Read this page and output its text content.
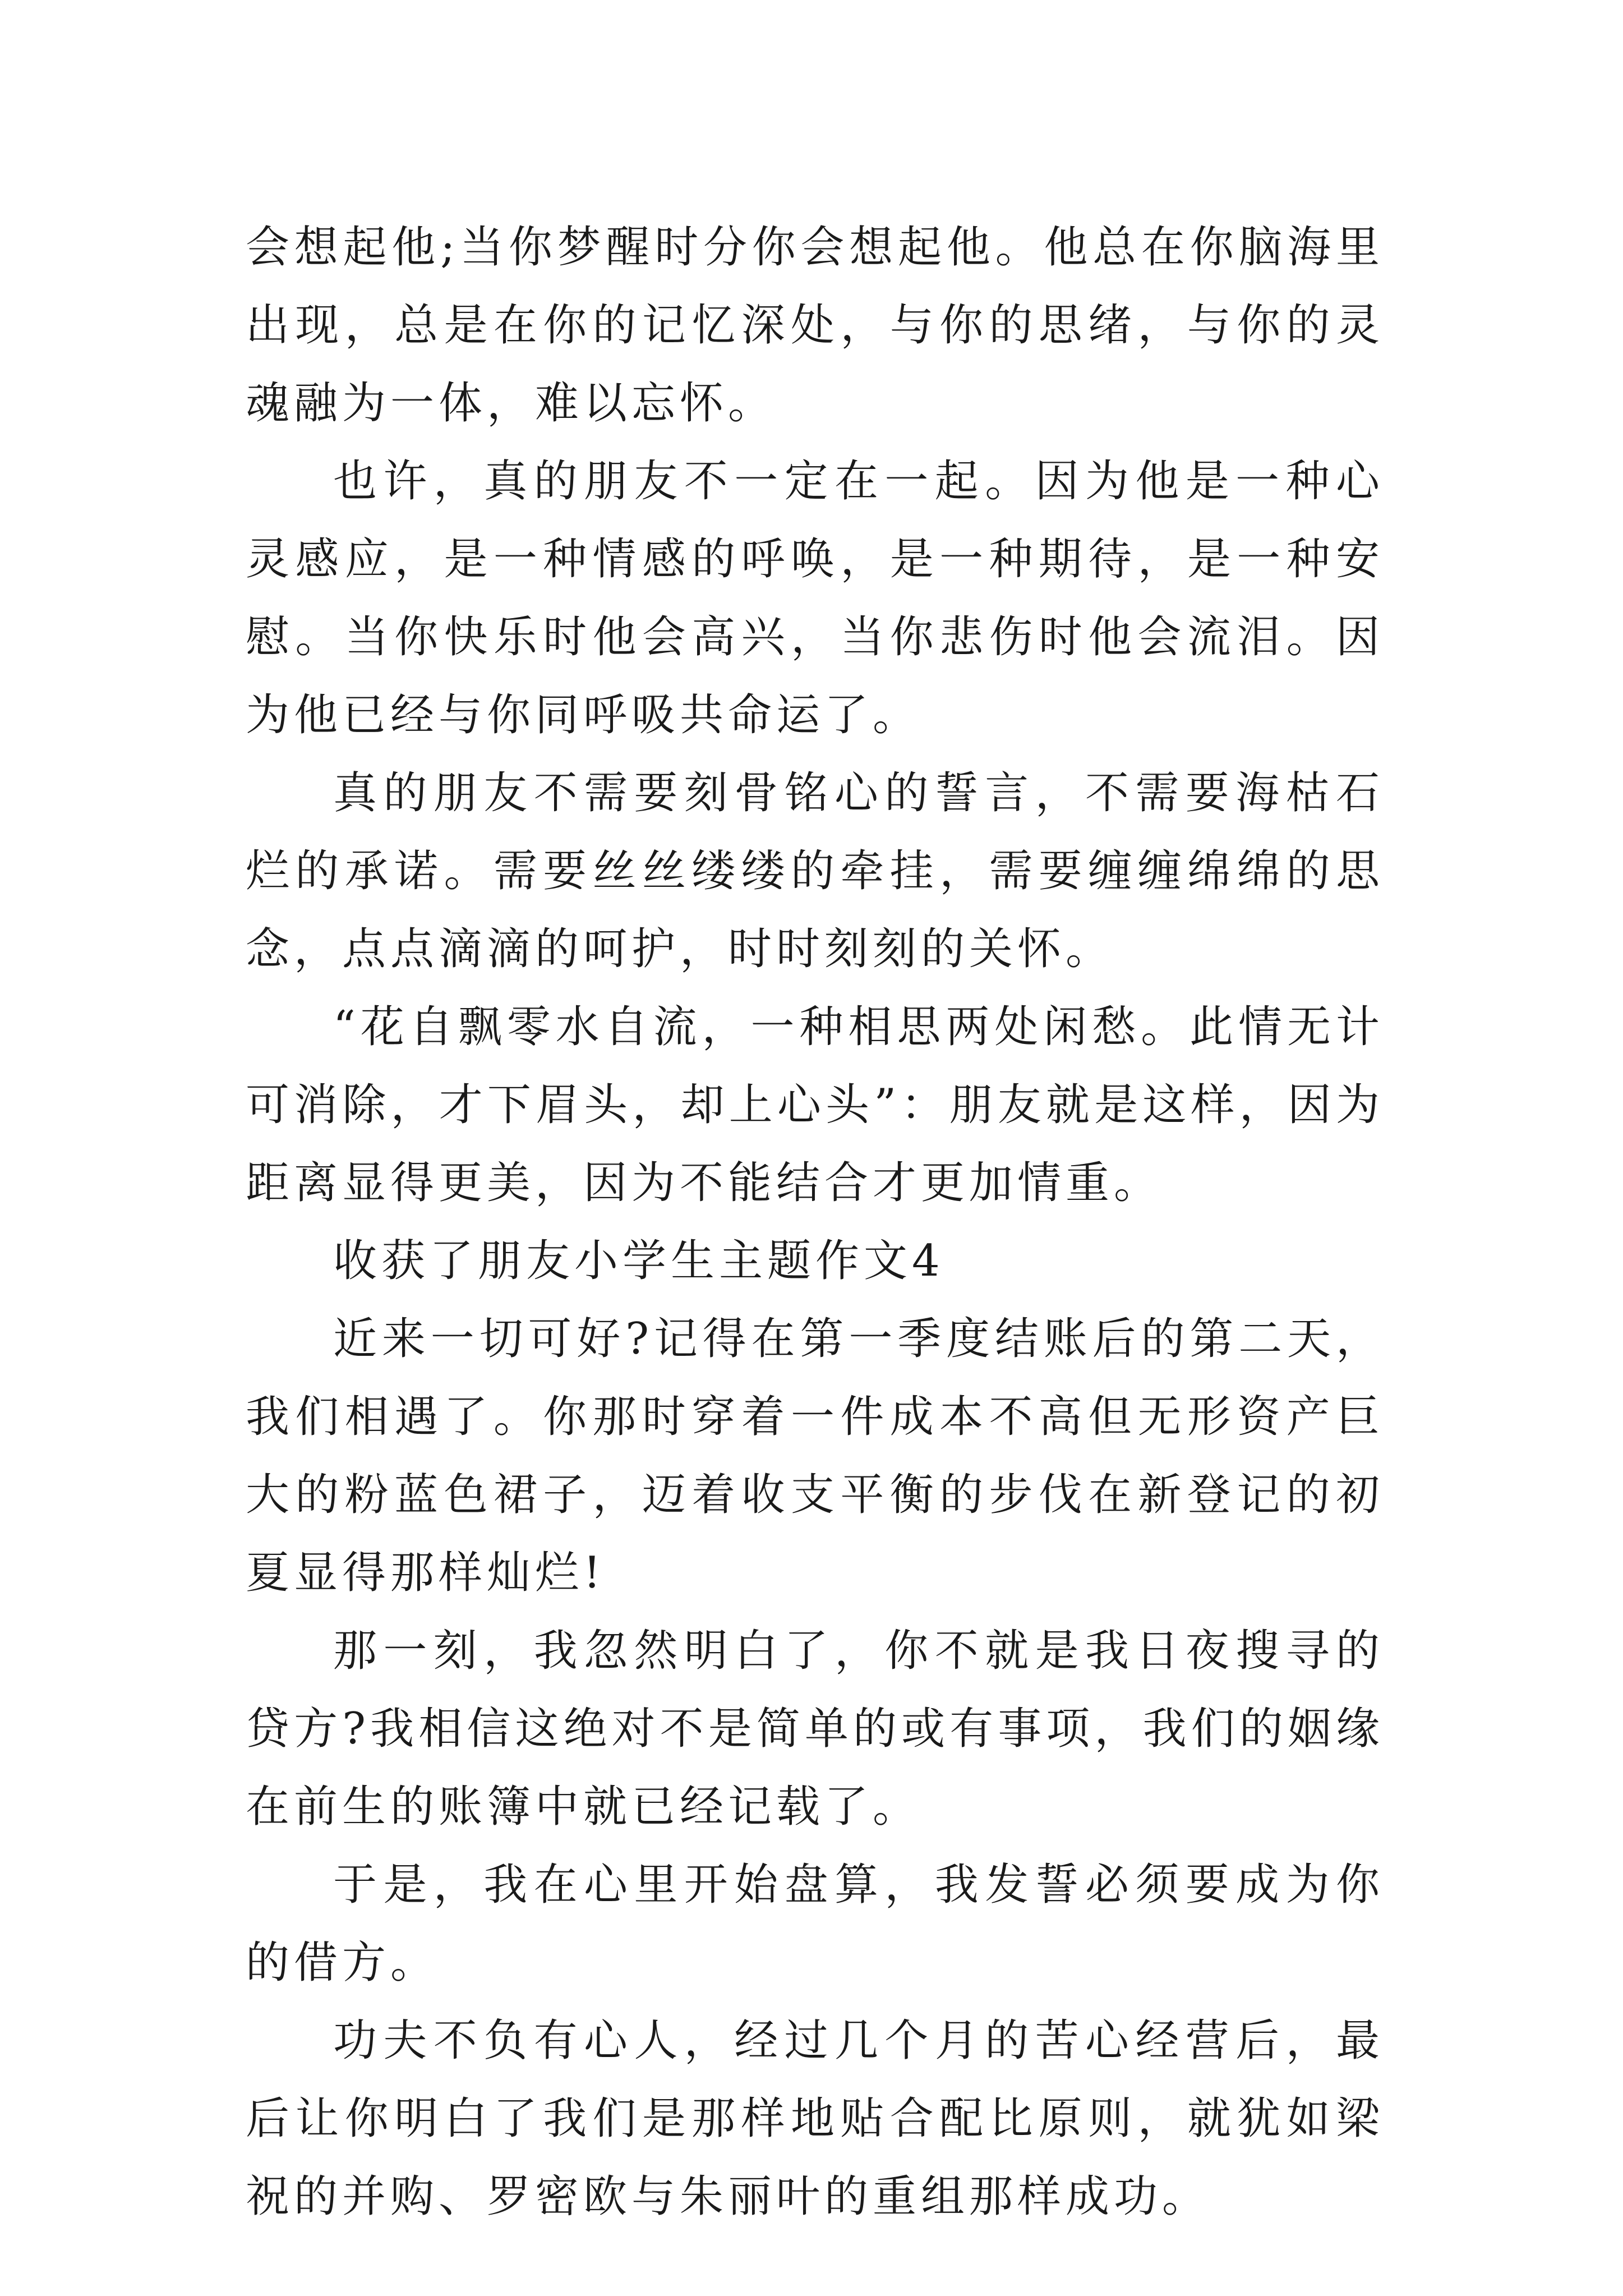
会想起他;当你梦醒时分你会想起他。他总在你脑海里出现，总是在你的记忆深处，与你的思绪，与你的灵魂融为一体，难以忘怀。

也许，真的朋友不一定在一起。因为他是一种心灵感应，是一种情感的呼唤，是一种期待，是一种安慰。当你快乐时他会高兴，当你悲伤时他会流泪。因为他已经与你同呼吸共命运了。

真的朋友不需要刻骨铭心的誓言，不需要海枯石烂的承诺。需要丝丝缕缕的牵挂，需要缠缠绵绵的思念，点点滴滴的呵护，时时刻刻的关怀。

“花自飘零水自流，一种相思两处闲愁。此情无计可消除，才下眉头，却上心头”：朋友就是这样，因为距离显得更美，因为不能结合才更加情重。

收获了朋友小学生主题作文4

近来一切可好?记得在第一季度结账后的第二天，我们相遇了。你那时穿着一件成本不高但无形资产巨大的粉蓝色裙子，迈着收支平衡的步伐在新登记的初夏显得那样灿烂!

那一刻，我忽然明白了，你不就是我日夜搜寻的贷方?我相信这绝对不是简单的或有事项，我们的姻缘在前生的账簿中就已经记载了。

于是，我在心里开始盘算，我发誓必须要成为你的借方。

功夫不负有心人，经过几个月的苦心经营后，最后让你明白了我们是那样地贴合配比原则，就犹如梁祝的并购、罗密欧与朱丽叶的重组那样成功。
